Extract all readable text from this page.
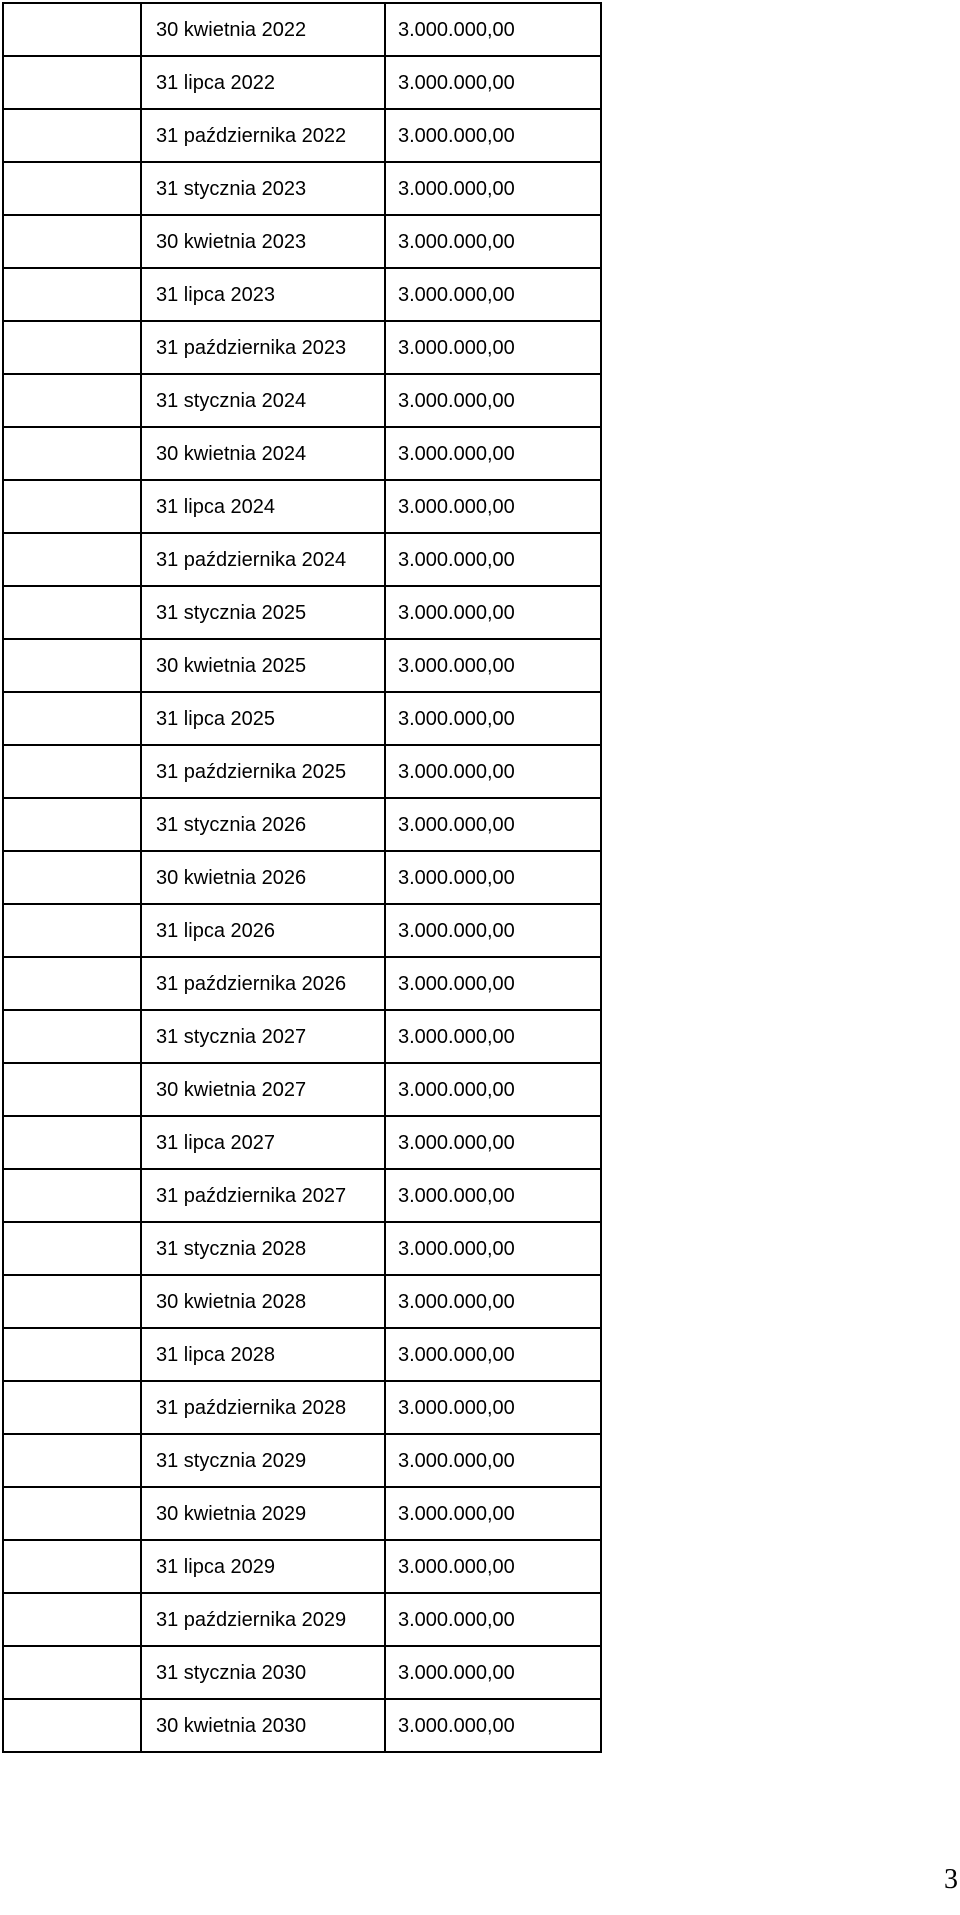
	30 kwietnia 2022	3.000.000,00
	31 lipca 2022	3.000.000,00
	31 października 2022	3.000.000,00
	31 stycznia 2023	3.000.000,00
	30 kwietnia 2023	3.000.000,00
	31 lipca 2023	3.000.000,00
	31 października 2023	3.000.000,00
	31 stycznia 2024	3.000.000,00
	30 kwietnia 2024	3.000.000,00
	31 lipca 2024	3.000.000,00
	31 października 2024	3.000.000,00
	31 stycznia 2025	3.000.000,00
	30 kwietnia 2025	3.000.000,00
	31 lipca 2025	3.000.000,00
	31 października 2025	3.000.000,00
	31 stycznia 2026	3.000.000,00
	30 kwietnia 2026	3.000.000,00
	31 lipca 2026	3.000.000,00
	31 października 2026	3.000.000,00
	31 stycznia 2027	3.000.000,00
	30 kwietnia 2027	3.000.000,00
	31 lipca 2027	3.000.000,00
	31 października 2027	3.000.000,00
	31 stycznia 2028	3.000.000,00
	30 kwietnia 2028	3.000.000,00
	31 lipca 2028	3.000.000,00
	31 października 2028	3.000.000,00
	31 stycznia 2029	3.000.000,00
	30 kwietnia 2029	3.000.000,00
	31 lipca 2029	3.000.000,00
	31 października 2029	3.000.000,00
	31 stycznia 2030	3.000.000,00
	30 kwietnia 2030	3.000.000,00
3
